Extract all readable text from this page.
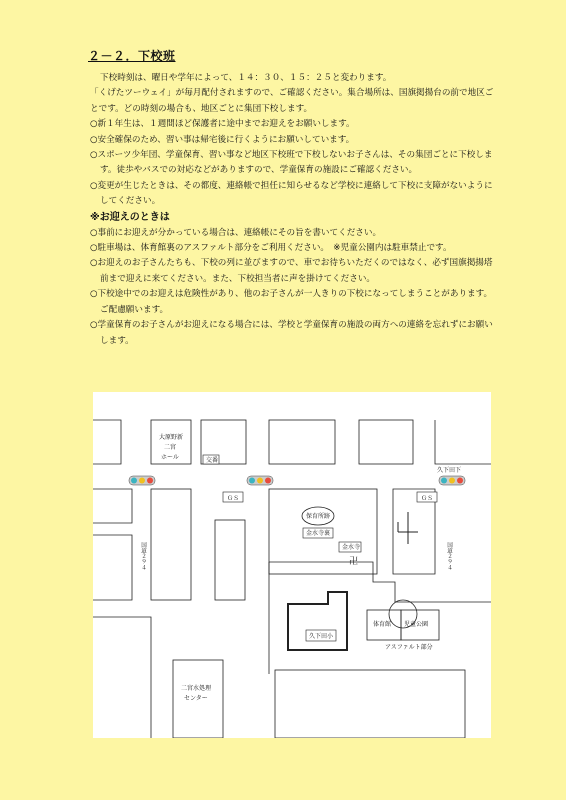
２－２．下校班

下校時刻は、曜日や学年によって、１４：３０、１５：２５と変わります。

「くげたツーウェイ」が毎月配付されますので、ご確認ください。集合場所は、国旗掲揚台の前で地区ごとです。どの時刻の場合も、地区ごとに集団下校します。

○新１年生は、１週間ほど保護者に途中までお迎えをお願いします。

○安全確保のため、習い事は帰宅後に行くようにお願いしています。

○スポーツ少年団、学童保育、習い事など地区下校班で下校しないお子さんは、その集団ごとに下校します。徒歩やバスでの対応などがありますので、学童保育の施設にご確認ください。

○変更が生じたときは、その都度、連絡帳で担任に知らせるなど学校に連絡して下校に支障がないようにしてください。

※お迎えのときは

○事前にお迎えが分かっている場合は、連絡帳にその旨を書いてください。

○駐車場は、体育館裏のアスファルト部分をご利用ください。　※児童公園内は駐車禁止です。

○お迎えのお子さんたちも、下校の列に並びますので、車でお待ちいただくのではなく、必ず国旗掲揚塔前まで迎えに来てください。また、下校担当者に声を掛けてください。

○下校途中でのお迎えは危険性があり、他のお子さんが一人きりの下校になってしまうことがあります。ご配慮願います。

○学童保育のお子さんがお迎えになる場合には、学校と学童保育の施設の両方への連絡を忘れずにお願いします。

大原野新
二宮
ホール	交番
ＧＳ	ＧＳ
久下田下
保育所跡
金水寺裏
金水寺
卍
国道２９４	国道２９４
体育館 児童公園
アスファルト部分
久下田小
二宮水処理
センター
